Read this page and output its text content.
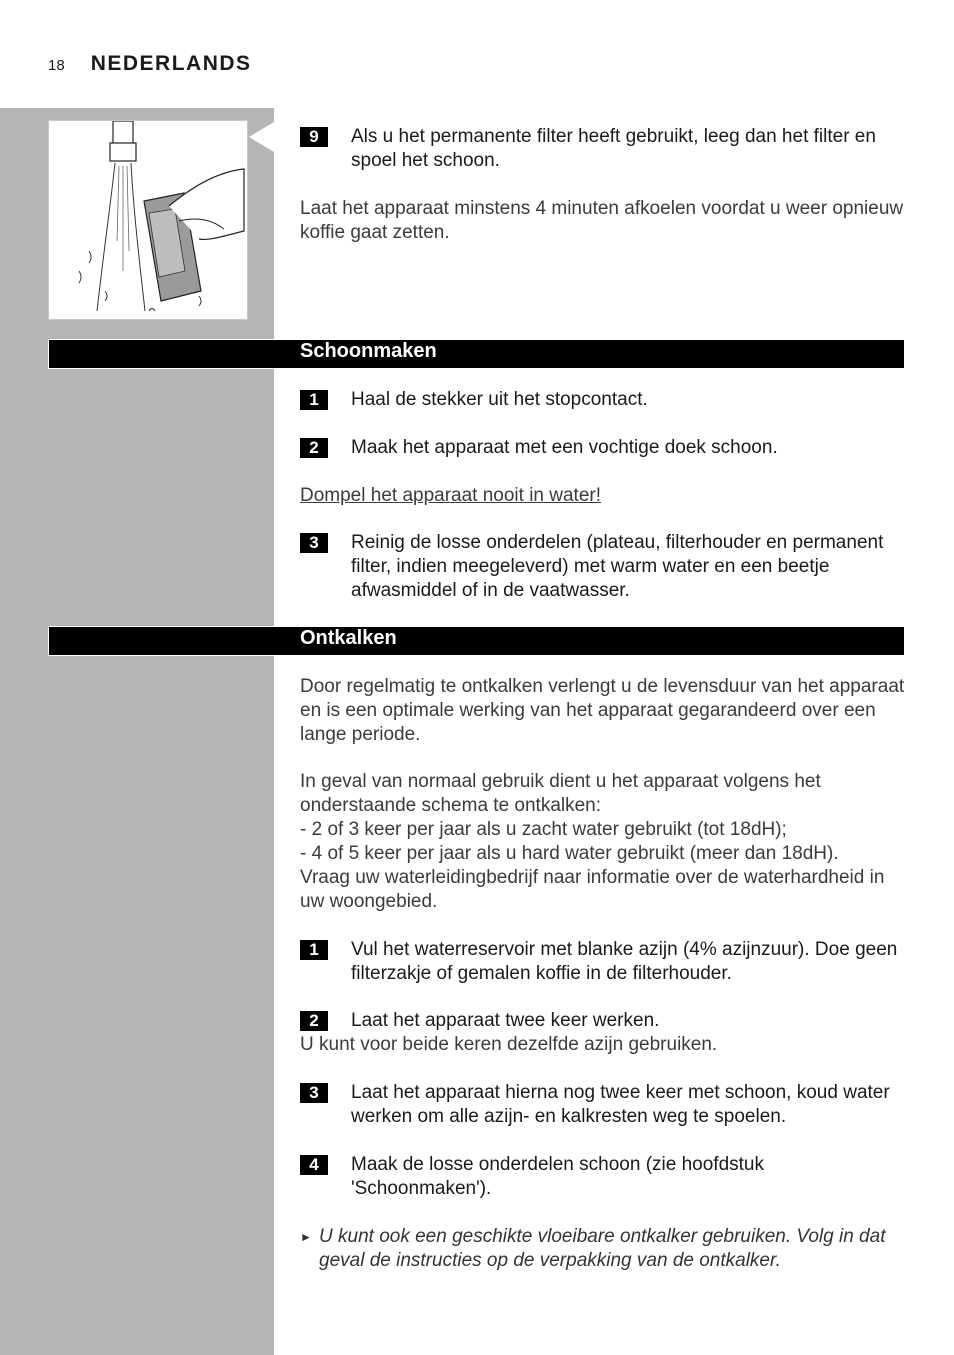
18 NEDERLANDS
9	Als u het permanente filter heeft gebruikt, leeg dan het filter en spoel het schoon.

Laat het apparaat minstens 4 minuten afkoelen voordat u weer opnieuw koffie gaat zetten.

Schoonmaken
1	Haal de stekker uit het stopcontact.
2	Maak het apparaat met een vochtige doek schoon.

Dompel het apparaat nooit in water!

3	Reinig de losse onderdelen (plateau, filterhouder en permanent filter, indien meegeleverd) met warm water en een beetje afwasmiddel of in de vaatwasser.
Ontkalken

Door regelmatig te ontkalken verlengt u de levensduur van het apparaat en is een optimale werking van het apparaat gegarandeerd over een lange periode.

In geval van normaal gebruik dient u het apparaat volgens het onderstaande schema te ontkalken:
- 2 of 3 keer per jaar als u zacht water gebruikt (tot 18dH);
- 4 of 5 keer per jaar als u hard water gebruikt (meer dan 18dH).
Vraag uw waterleidingbedrijf naar informatie over de waterhardheid in uw woongebied.
1	Vul het waterreservoir met blanke azijn (4% azijnzuur). Doe geen filterzakje of gemalen koffie in de filterhouder.
2	Laat het apparaat twee keer werken.

U kunt voor beide keren dezelfde azijn gebruiken.

3	Laat het apparaat hierna nog twee keer met schoon, koud water werken om alle azijn- en kalkresten weg te spoelen.
4	Maak de losse onderdelen schoon (zie hoofdstuk 'Schoonmaken').
► U kunt ook een geschikte vloeibare ontkalker gebruiken. Volg in dat geval de instructies op de verpakking van de ontkalker.
